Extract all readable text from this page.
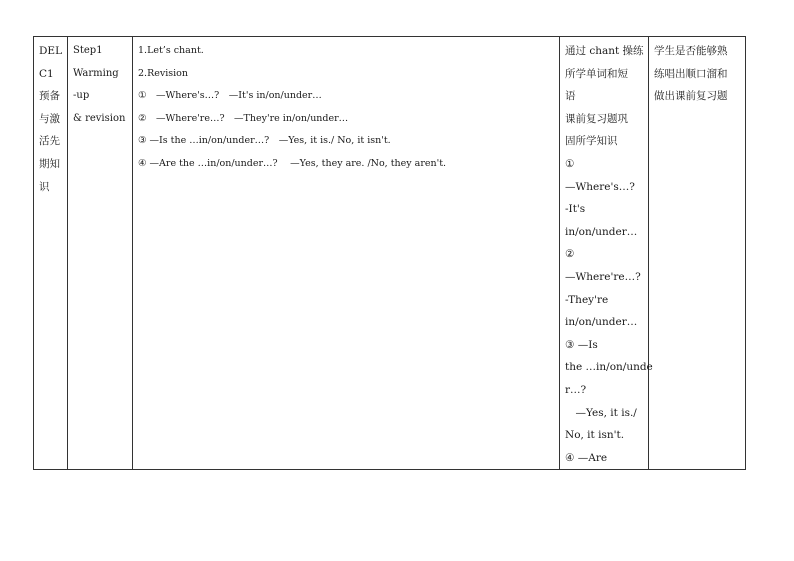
DEL
C1
预备
与激
活先
期知
识

Step1
Warming
-up
& revision

1.Let’s chant.
2.Revision
①　—Where's…?　—It's in/on/under…
②　—Where're…?　—They're in/on/under…
③ —Is the …in/on/under…?　—Yes, it is./ No, it isn't.
④ —Are the …in/on/under…?　 —Yes, they are. /No, they aren't.

通过 chant 操练
所学单词和短
语
课前复习题巩
固所学知识
①
—Where's…?
-It's
in/on/under…
②
—Where're…?
-They're
in/on/under…
③ —Is
the …in/on/unde
r…?
　—Yes, it is./
No, it isn't.
④ —Are

学生是否能够熟
练唱出顺口溜和
做出课前复习题
